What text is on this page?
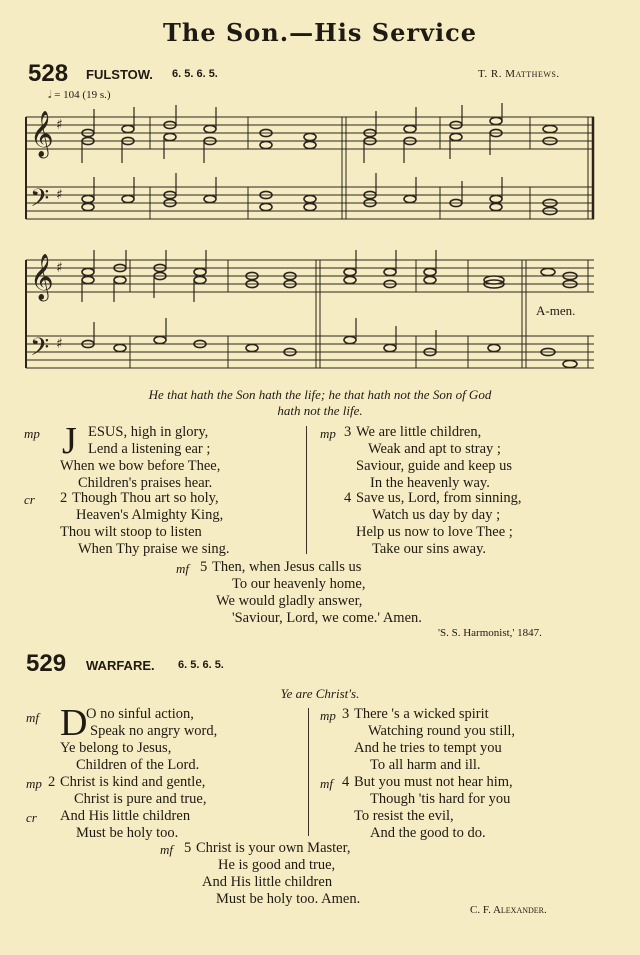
The Son.—His Service
528 FULSTOW. 6. 5. 6. 5.	T. R. Matthews.
𝅗𝅥 = 104 (19 s.)
𝄞
𝄢
♯
♯
𝄞
𝄢
♯
♯
A-men.
He that hath the Son hath the life; he that hath not the Son of God
hath not the life.
mp J ESUS, high in glory,
Lend a listening ear ;
When we bow before Thee,
Children's praises hear.
cr 2 Though Thou art so holy,
Heaven's Almighty King,
Thou wilt stoop to listen
When Thy praise we sing.
mp 3 We are little children,
Weak and apt to stray ;
Saviour, guide and keep us
In the heavenly way.
4 Save us, Lord, from sinning,
Watch us day by day ;
Help us now to love Thee ;
Take our sins away.
mf 5 Then, when Jesus calls us
To our heavenly home,
We would gladly answer,
'Saviour, Lord, we come.' Amen.
'S. S. Harmonist,' 1847.
529 WARFARE. 6. 5. 6. 5.
Ye are Christ's.
mf D
O no sinful action,
Speak no angry word,
Ye belong to Jesus,
Children of the Lord.
mp 2 Christ is kind and gentle,
Christ is pure and true,
cr And His little children
Must be holy too.
mp 3 There 's a wicked spirit
Watching round you still,
And he tries to tempt you
To all harm and ill.
mf 4 But you must not hear him,
Though 'tis hard for you
To resist the evil,
And the good to do.
mf 5 Christ is your own Master,
He is good and true,
And His little children
Must be holy too. Amen.
C. F. Alexander.
